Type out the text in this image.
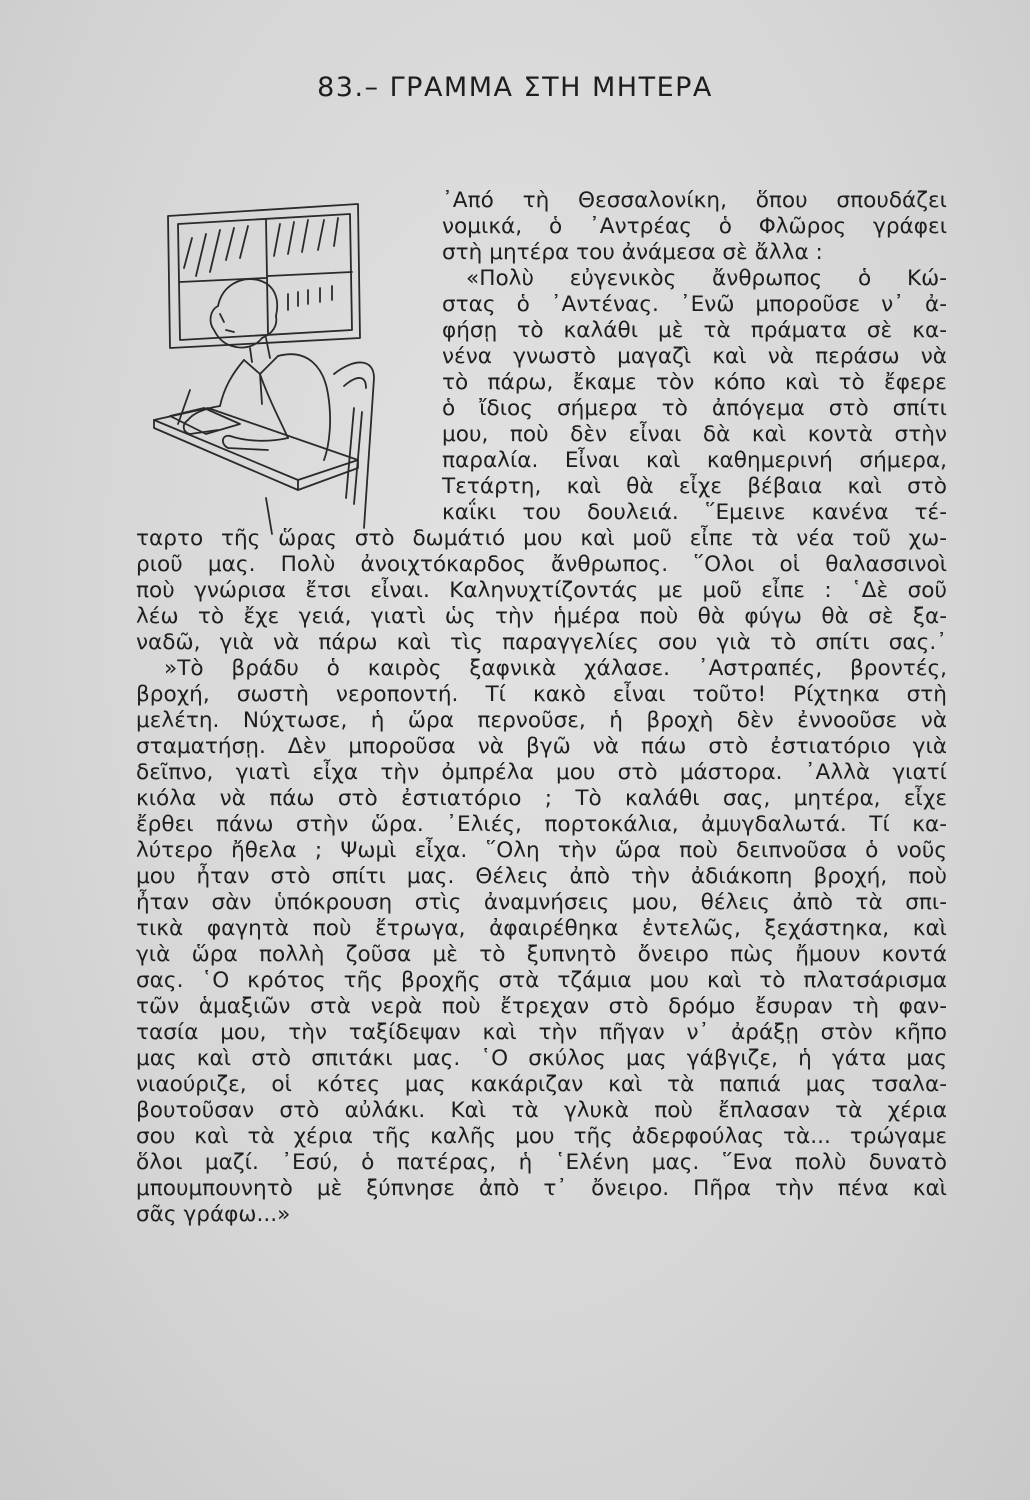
83.– ΓΡΑΜΜΑ ΣΤΗ ΜΗΤΕΡΑ

᾿Από τὴ Θεσσαλονίκη, ὅπου σπουδάζει

νομικά, ὁ ᾿Αντρέας ὁ Φλῶρος γράφει

στὴ μητέρα του ἀνάμεσα σὲ ἄλλα :

«Πολὺ εὐγενικὸς ἄνθρωπος ὁ Κώ-

στας ὁ ᾿Αντένας. ᾿Ενῶ μποροῦσε ν᾿ ἀ-

φήσῃ τὸ καλάθι μὲ τὰ πράματα σὲ κα-

νένα γνωστὸ μαγαζὶ καὶ νὰ περάσω νὰ

τὸ πάρω, ἔκαμε τὸν κόπο καὶ τὸ ἔφερε

ὁ ἴδιος σήμερα τὸ ἀπόγεμα στὸ σπίτι

μου, ποὺ δὲν εἶναι δὰ καὶ κοντὰ στὴν

παραλία. Εἶναι καὶ καθημερινή σήμερα,

Τετάρτη, καὶ θὰ εἶχε βέβαια καὶ στὸ

καΐκι του δουλειά. ῞Εμεινε κανένα τέ-

ταρτο τῆς ὥρας στὸ δωμάτιό μου καὶ μοῦ εἶπε τὰ νέα τοῦ χω-

ριοῦ μας. Πολὺ ἀνοιχτόκαρδος ἄνθρωπος. ῞Ολοι οἱ θαλασσινοὶ

ποὺ γνώρισα ἔτσι εἶναι. Καληνυχτίζοντάς με μοῦ εἶπε : ῾Δὲ σοῦ

λέω τὸ ἔχε γειά, γιατὶ ὡς τὴν ἡμέρα ποὺ θὰ φύγω θὰ σὲ ξα-

ναδῶ, γιὰ νὰ πάρω καὶ τὶς παραγγελίες σου γιὰ τὸ σπίτι σας.᾿

»Τὸ βράδυ ὁ καιρὸς ξαφνικὰ χάλασε. ᾿Αστραπές, βροντές,

βροχή, σωστὴ νεροποντή. Τί κακὸ εἶναι τοῦτο! Ρίχτηκα στὴ

μελέτη. Νύχτωσε, ἡ ὥρα περνοῦσε, ἡ βροχὴ δὲν ἐννοοῦσε νὰ

σταματήσῃ. Δὲν μποροῦσα νὰ βγῶ νὰ πάω στὸ ἐστιατόριο γιὰ

δεῖπνο, γιατὶ εἶχα τὴν ὀμπρέλα μου στὸ μάστορα. ᾿Αλλὰ γιατί

κιόλα νὰ πάω στὸ ἐστιατόριο ; Τὸ καλάθι σας, μητέρα, εἶχε

ἔρθει πάνω στὴν ὥρα. ᾿Ελιές, πορτοκάλια, ἀμυγδαλωτά. Τί κα-

λύτερο ἤθελα ; Ψωμὶ εἶχα. ῞Ολη τὴν ὥρα ποὺ δειπνοῦσα ὁ νοῦς

μου ἦταν στὸ σπίτι μας. Θέλεις ἀπὸ τὴν ἀδιάκοπη βροχή, ποὺ

ἦταν σὰν ὑπόκρουση στὶς ἀναμνήσεις μου, θέλεις ἀπὸ τὰ σπι-

τικὰ φαγητὰ ποὺ ἔτρωγα, ἀφαιρέθηκα ἐντελῶς, ξεχάστηκα, καὶ

γιὰ ὥρα πολλὴ ζοῦσα μὲ τὸ ξυπνητὸ ὄνειρο πὼς ἤμουν κοντά

σας. ῾Ο κρότος τῆς βροχῆς στὰ τζάμια μου καὶ τὸ πλατσάρισμα

τῶν ἁμαξιῶν στὰ νερὰ ποὺ ἔτρεχαν στὸ δρόμο ἔσυραν τὴ φαν-

τασία μου, τὴν ταξίδεψαν καὶ τὴν πῆγαν ν᾿ ἀράξῃ στὸν κῆπο

μας καὶ στὸ σπιτάκι μας. ῾Ο σκύλος μας γάβγιζε, ἡ γάτα μας

νιαούριζε, οἱ κότες μας κακάριζαν καὶ τὰ παπιά μας τσαλα-

βουτοῦσαν στὸ αὐλάκι. Καὶ τὰ γλυκὰ ποὺ ἔπλασαν τὰ χέρια

σου καὶ τὰ χέρια τῆς καλῆς μου τῆς ἀδερφούλας τὰ... τρώγαμε

ὅλοι μαζί. ᾿Εσύ, ὁ πατέρας, ἡ ῾Ελένη μας. ῞Ενα πολὺ δυνατὸ

μπουμπουνητὸ μὲ ξύπνησε ἀπὸ τ᾿ ὄνειρο. Πῆρα τὴν πένα καὶ

σᾶς γράφω...»
